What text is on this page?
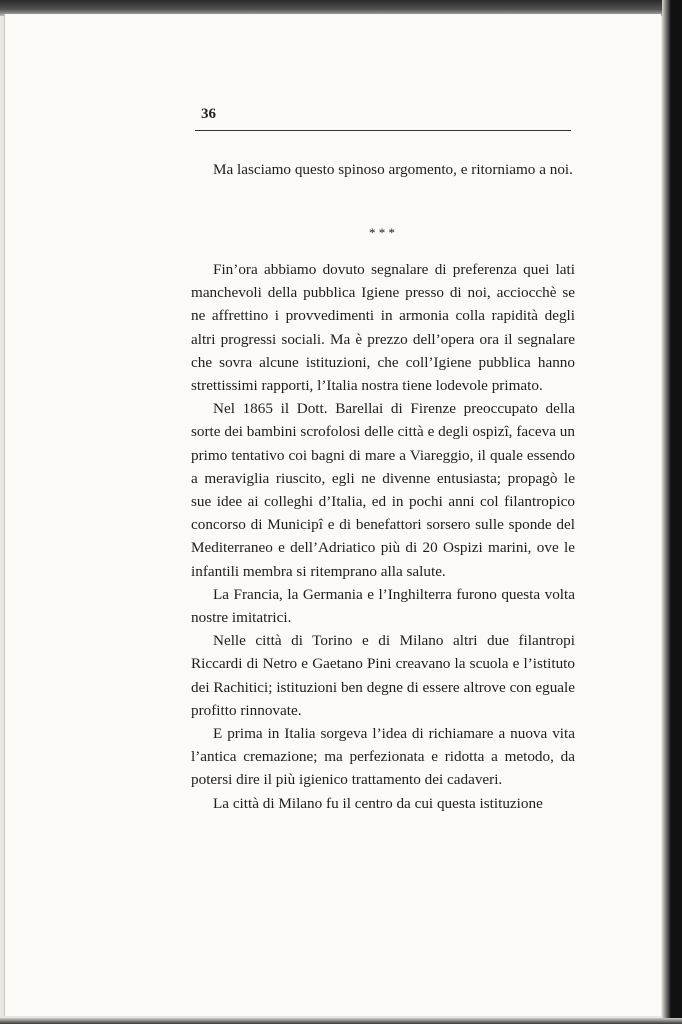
36

Ma lasciamo questo spinoso argomento, e ritorniamo a noi.

* * *

Fin’ora abbiamo dovuto segnalare di preferenza quei lati manchevoli della pubblica Igiene presso di noi, acciocchè se ne affrettino i provvedimenti in armonia colla rapidità degli altri progressi sociali. Ma è prezzo dell’opera ora il segnalare che sovra alcune istituzioni, che coll’Igiene pubblica hanno strettissimi rapporti, l’Italia nostra tiene lodevole primato.

Nel 1865 il Dott. Barellai di Firenze preoccupato della sorte dei bambini scrofolosi delle città e degli ospizî, faceva un primo tentativo coi bagni di mare a Viareggio, il quale essendo a meraviglia riuscito, egli ne divenne entusiasta; propagò le sue idee ai colleghi d’Italia, ed in pochi anni col filantropico concorso di Municipî e di benefattori sorsero sulle sponde del Mediterraneo e dell’Adriatico più di 20 Ospizi marini, ove le infantili membra si ritemprano alla salute.

La Francia, la Germania e l’Inghilterra furono questa volta nostre imitatrici.

Nelle città di Torino e di Milano altri due filantropi Riccardi di Netro e Gaetano Pini creavano la scuola e l’istituto dei Rachitici; istituzioni ben degne di essere altrove con eguale profitto rinnovate.

E prima in Italia sorgeva l’idea di richiamare a nuova vita l’antica cremazione; ma perfezionata e ridotta a metodo, da potersi dire il più igienico trattamento dei cadaveri.

La città di Milano fu il centro da cui questa istituzione
